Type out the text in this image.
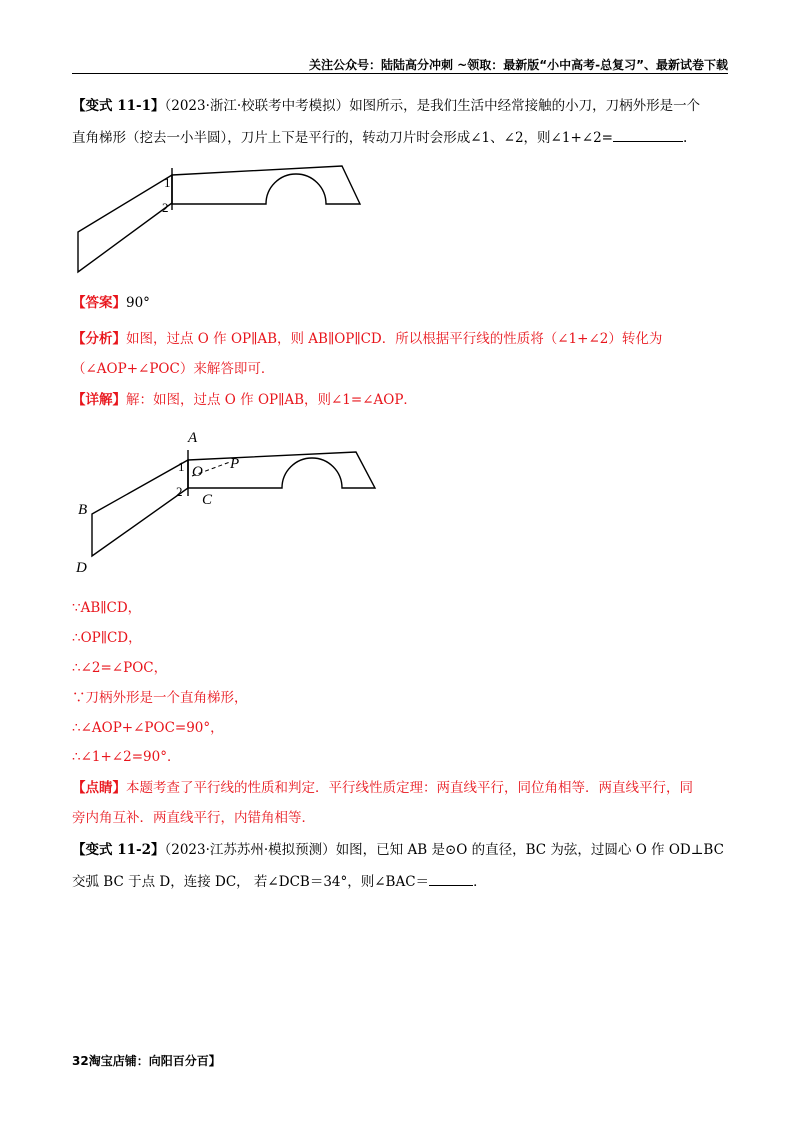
关注公众号：陆陆高分冲刺 ~领取：最新版“小中高考-总复习”、最新试卷下载
【变式 11-1】（2023·浙江·校联考中考模拟）如图所示，是我们生活中经常接触的小刀，刀柄外形是一个
直角梯形（挖去一小半圆），刀片上下是平行的，转动刀片时会形成∠1、∠2，则∠1+∠2=	.
1
2
【答案】90°
【分析】如图，过点 O 作 OP∥AB，则 AB∥OP∥CD．所以根据平行线的性质将（∠1+∠2）转化为
（∠AOP+∠POC）来解答即可．
【详解】解：如图，过点 O 作 OP∥AB，则∠1=∠AOP．
A
B
C
D
O P
1
2
∵AB∥CD，
∴OP∥CD，
∴∠2=∠POC，
∵刀柄外形是一个直角梯形，
∴∠AOP+∠POC=90°，
∴∠1+∠2=90°．
【点睛】本题考查了平行线的性质和判定．平行线性质定理：两直线平行，同位角相等．两直线平行，同
旁内角互补．两直线平行，内错角相等．
【变式 11-2】（2023·江苏苏州·模拟预测）如图，已知 AB 是⊙O 的直径，BC 为弦，过圆心 O 作 OD⊥BC
交弧 BC 于点 D，连接 DC， 若∠DCB＝34°，则∠BAC＝	．
32淘宝店铺：向阳百分百】
